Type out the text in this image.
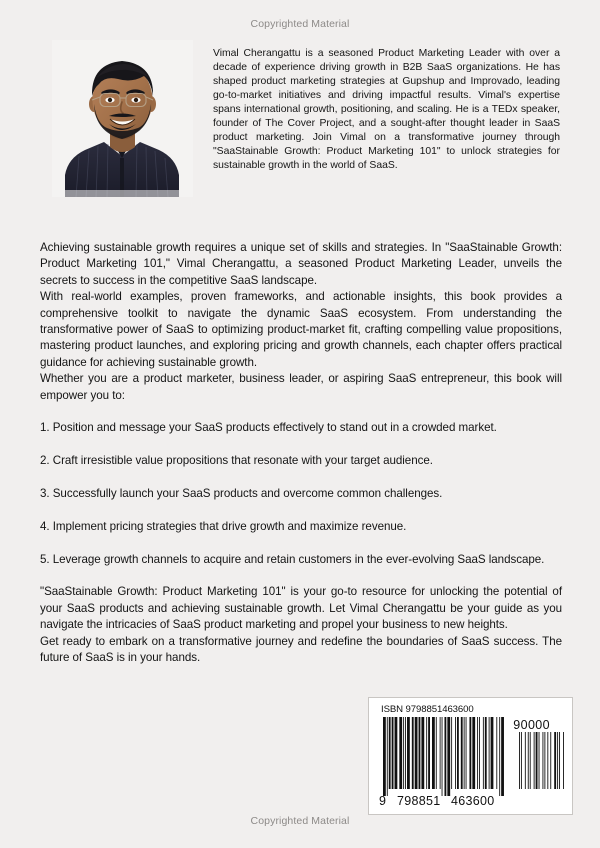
Copyrighted Material
Vimal Cherangattu is a seasoned Product Marketing Leader with over a decade of experience driving growth in B2B SaaS organizations. He has shaped product marketing strategies at Gupshup and Improvado, leading go-to-market initiatives and driving impactful results. Vimal's expertise spans international growth, positioning, and scaling. He is a TEDx speaker, founder of The Cover Project, and a sought-after thought leader in SaaS product marketing. Join Vimal on a transformative journey through "SaaStainable Growth: Product Marketing 101" to unlock strategies for sustainable growth in the world of SaaS.

Achieving sustainable growth requires a unique set of skills and strategies. In "SaaStainable Growth: Product Marketing 101," Vimal Cherangattu, a seasoned Product Marketing Leader, unveils the secrets to success in the competitive SaaS landscape.

With real-world examples, proven frameworks, and actionable insights, this book provides a comprehensive toolkit to navigate the dynamic SaaS ecosystem. From understanding the transformative power of SaaS to optimizing product-market fit, crafting compelling value propositions, mastering product launches, and exploring pricing and growth channels, each chapter offers practical guidance for achieving sustainable growth.

Whether you are a product marketer, business leader, or aspiring SaaS entrepreneur, this book will empower you to:

1. Position and message your SaaS products effectively to stand out in a crowded market.

2. Craft irresistible value propositions that resonate with your target audience.

3. Successfully launch your SaaS products and overcome common challenges.

4. Implement pricing strategies that drive growth and maximize revenue.

5. Leverage growth channels to acquire and retain customers in the ever-evolving SaaS landscape.

"SaaStainable Growth: Product Marketing 101" is your go-to resource for unlocking the potential of your SaaS products and achieving sustainable growth. Let Vimal Cherangattu be your guide as you navigate the intricacies of SaaS product marketing and propel your business to new heights.

Get ready to embark on a transformative journey and redefine the boundaries of SaaS success. The future of SaaS is in your hands.

ISBN 9798851463600
90000
9 798851 463600
Copyrighted Material
